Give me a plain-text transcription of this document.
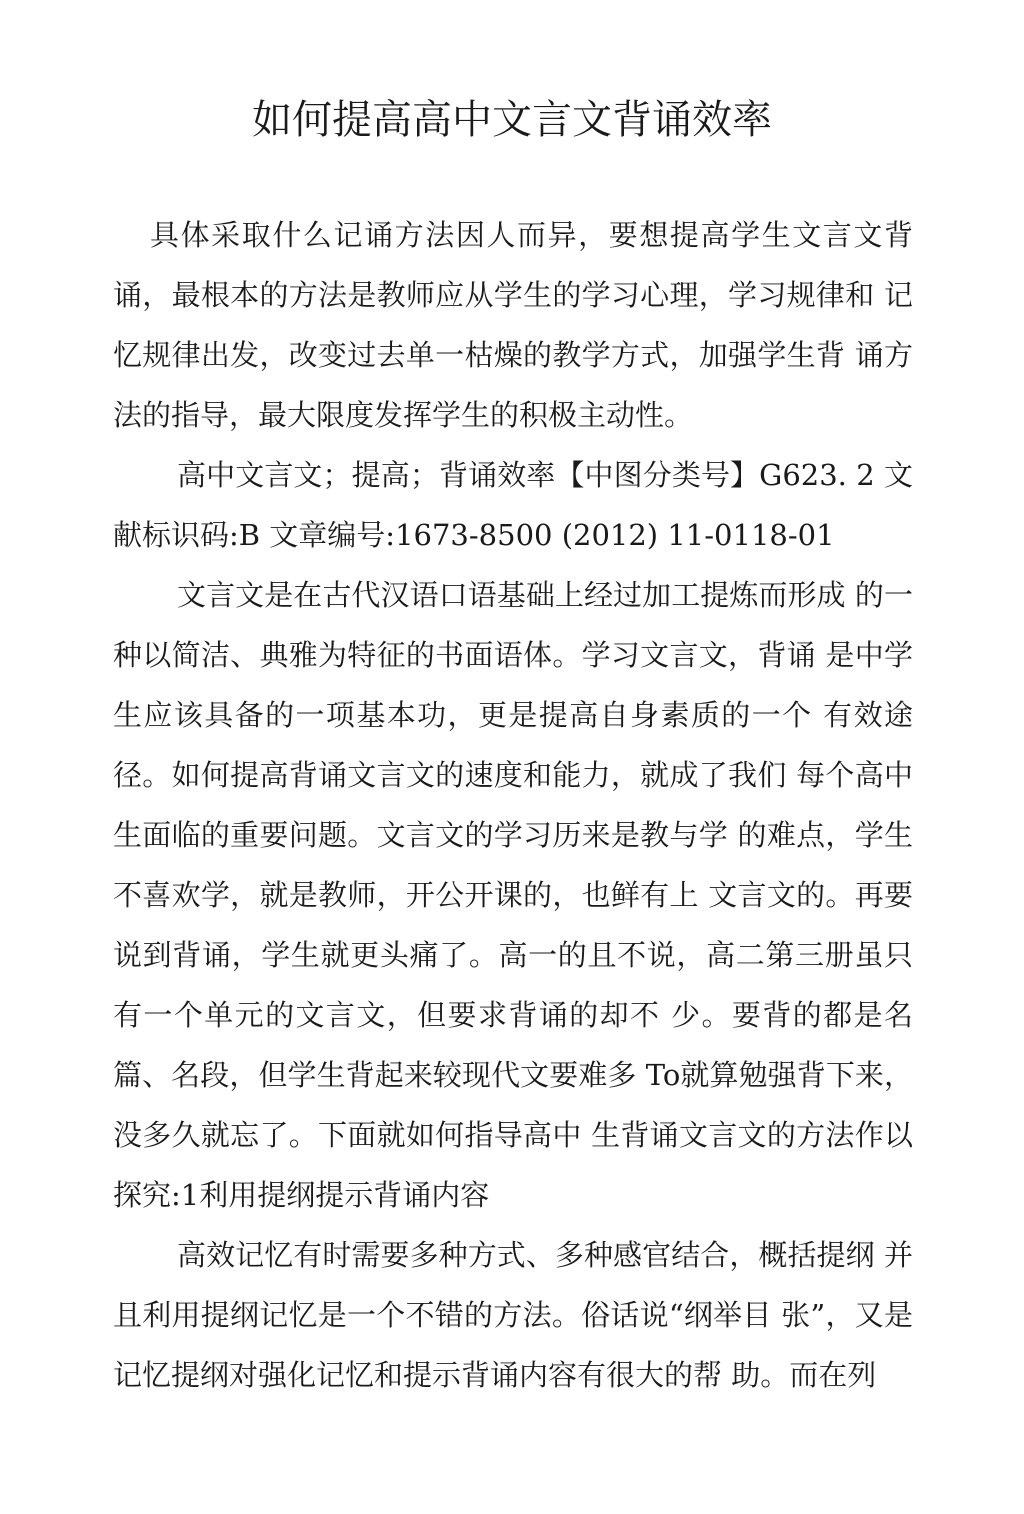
如何提高高中文言文背诵效率

具体采取什么记诵方法因人而异，要想提高学生文言文背 诵，最根本的方法是教师应从学生的学习心理，学习规律和 记忆规律出发，改变过去单一枯燥的教学方式，加强学生背 诵方法的指导，最大限度发挥学生的积极主动性。

高中文言文；提高；背诵效率【中图分类号】G623. 2 文献标识码:B 文章编号:1673-8500 (2012) 11-0118-01

文言文是在古代汉语口语基础上经过加工提炼而形成 的一种以简洁、典雅为特征的书面语体。学习文言文，背诵 是中学生应该具备的一项基本功，更是提高自身素质的一个 有效途径。如何提高背诵文言文的速度和能力，就成了我们 每个高中生面临的重要问题。文言文的学习历来是教与学 的难点，学生不喜欢学，就是教师，开公开课的，也鲜有上 文言文的。再要说到背诵，学生就更头痛了。高一的且不说，高二第三册虽只有一个单元的文言文，但要求背诵的却不 少。要背的都是名篇、名段，但学生背起来较现代文要难多 To就算勉强背下来，没多久就忘了。下面就如何指导高中 生背诵文言文的方法作以探究:1利用提纲提示背诵内容

高效记忆有时需要多种方式、多种感官结合，概括提纲 并且利用提纲记忆是一个不错的方法。俗话说“纲举目 张”，又是记忆提纲对强化记忆和提示背诵内容有很大的帮 助。而在列
